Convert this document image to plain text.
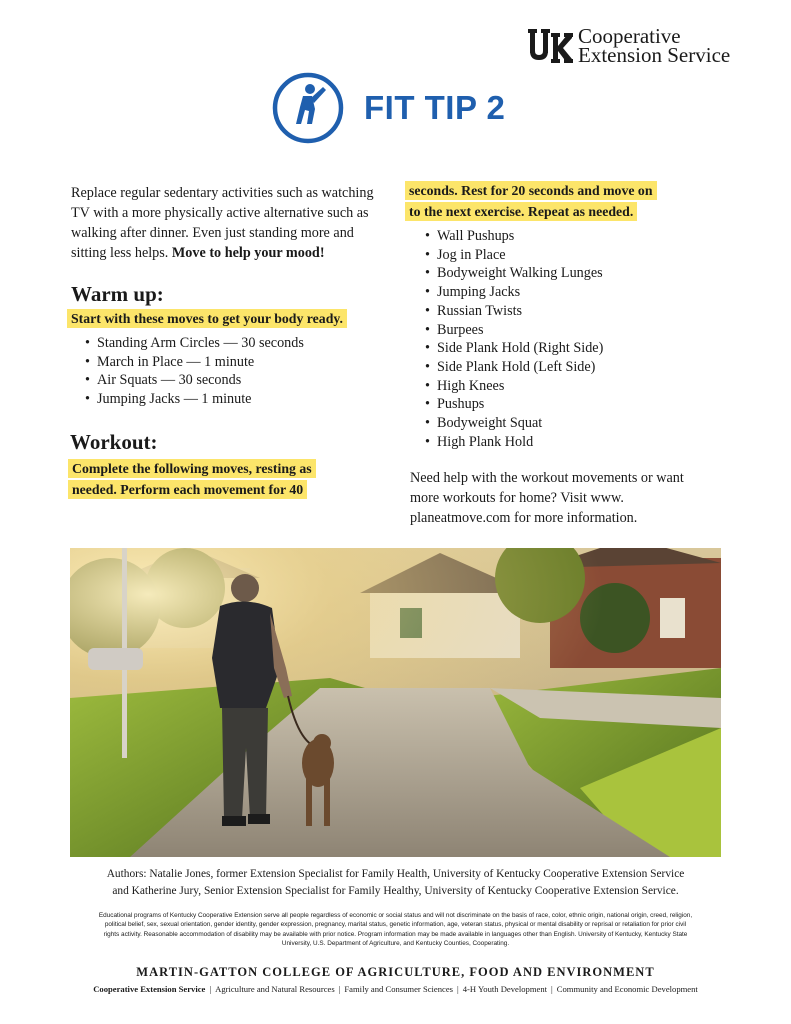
Cooperative
Extension Service
FIT TIP 2
Replace regular sedentary activities such as watching TV with a more physically active alternative such as walking after dinner. Even just standing more and sitting less helps. Move to help your mood!
Warm up:
Start with these moves to get your body ready.
• Standing Arm Circles — 30 seconds
• March in Place — 1 minute
• Air Squats — 30 seconds
• Jumping Jacks — 1 minute
Workout:
Complete the following moves, resting as
needed. Perform each movement for 40
seconds. Rest for 20 seconds and move on
to the next exercise. Repeat as needed.
• Wall Pushups
• Jog in Place
• Bodyweight Walking Lunges
• Jumping Jacks
• Russian Twists
• Burpees
• Side Plank Hold (Right Side)
• Side Plank Hold (Left Side)
• High Knees
• Pushups
• Bodyweight Squat
• High Plank Hold
Need help with the workout movements or want more workouts for home? Visit www. planeatmove.com for more information.
Authors: Natalie Jones, former Extension Specialist for Family Health, University of Kentucky Cooperative Extension Service
and Katherine Jury, Senior Extension Specialist for Family Healthy, University of Kentucky Cooperative Extension Service.
Educational programs of Kentucky Cooperative Extension serve all people regardless of economic or social status and will not discriminate on the basis of race, color, ethnic origin, national origin, creed, religion, political belief, sex, sexual orientation, gender identity, gender expression, pregnancy, marital status, genetic information, age, veteran status, physical or mental disability or reprisal or retaliation for prior civil rights activity. Reasonable accommodation of disability may be available with prior notice. Program information may be made available in languages other than English. University of Kentucky, Kentucky State University, U.S. Department of Agriculture, and Kentucky Counties, Cooperating.
MARTIN-GATTON COLLEGE OF AGRICULTURE, FOOD AND ENVIRONMENT
Cooperative Extension Service | Agriculture and Natural Resources | Family and Consumer Sciences | 4-H Youth Development | Community and Economic Development
